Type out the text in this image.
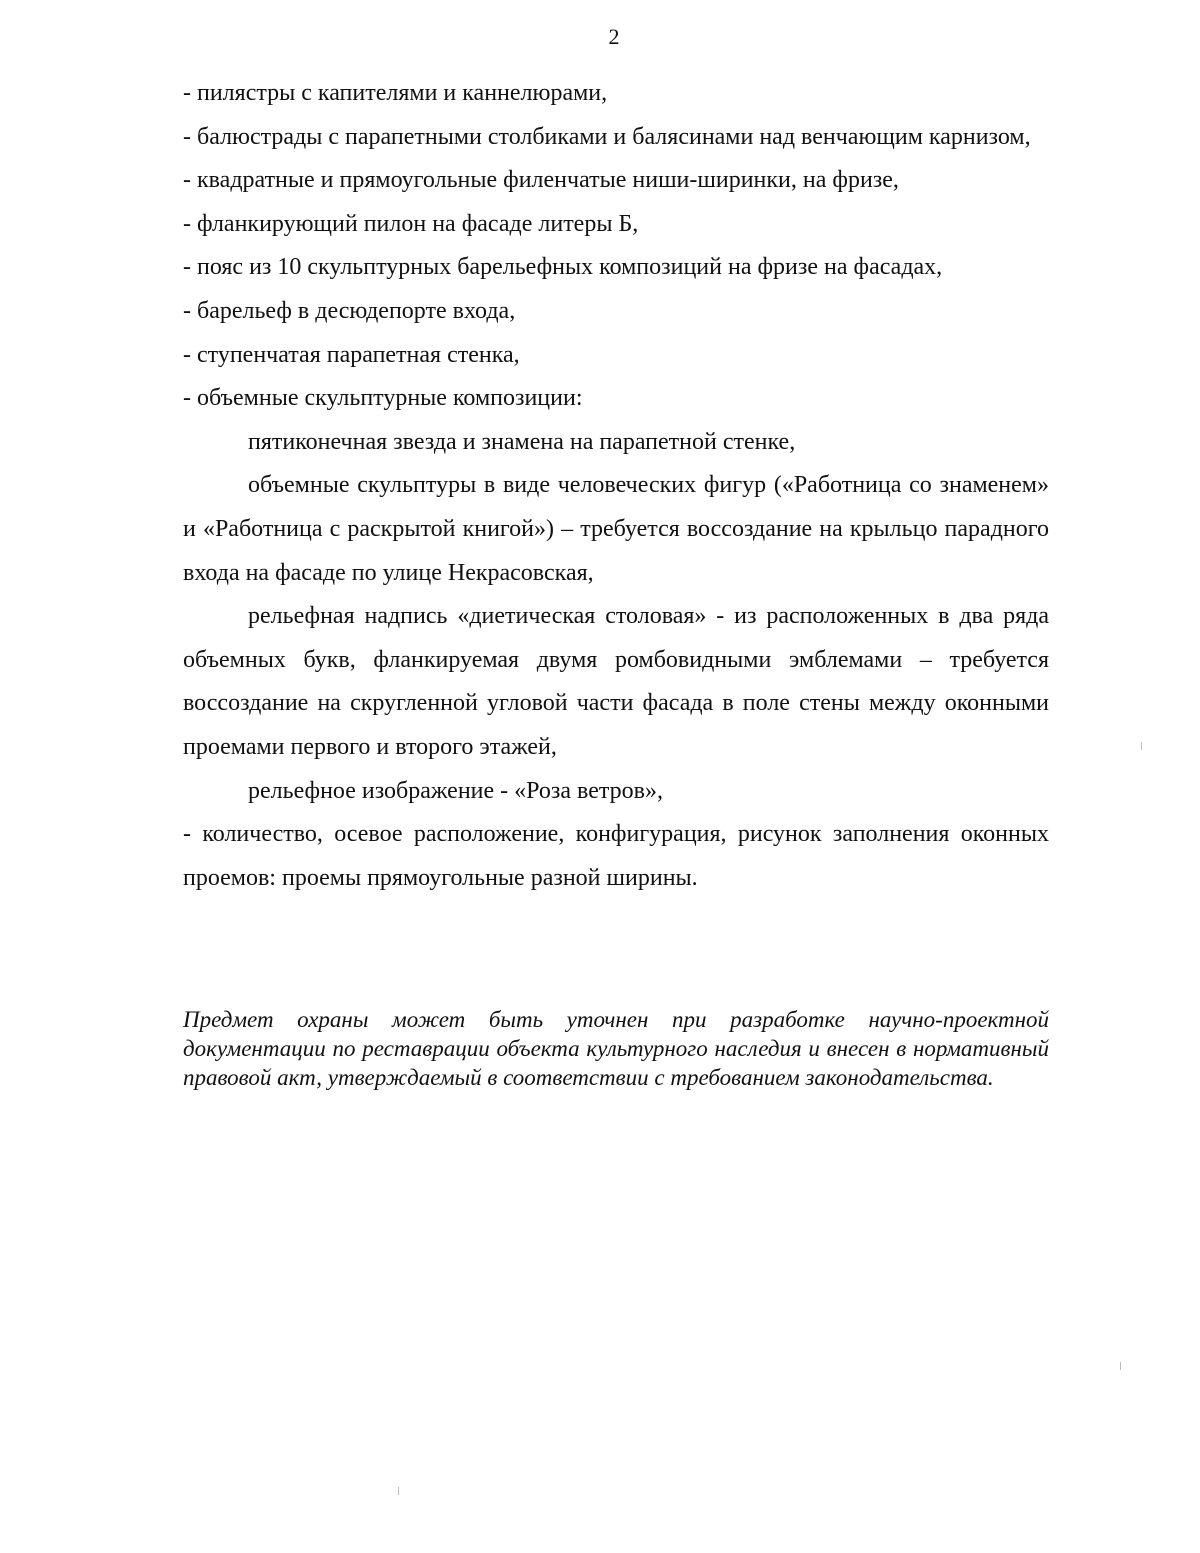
2

- пилястры с капителями и каннелюрами,

- балюстрады с парапетными столбиками и балясинами над венчающим карнизом,

- квадратные и прямоугольные филенчатые ниши-ширинки, на фризе,

- фланкирующий пилон на фасаде литеры Б,

- пояс из 10 скульптурных барельефных композиций на фризе на фасадах,

- барельеф в десюдепорте входа,

- ступенчатая парапетная стенка,

- объемные скульптурные композиции:

пятиконечная звезда и знамена на парапетной стенке,

объемные скульптуры в виде человеческих фигур («Работница со знаменем» и «Работница с раскрытой книгой») – требуется воссоздание на крыльцо парадного входа на фасаде по улице Некрасовская,

рельефная надпись «диетическая столовая» - из расположенных в два ряда объемных букв, фланкируемая двумя ромбовидными эмблемами – требуется воссоздание на скругленной угловой части фасада в поле стены между оконными проемами первого и второго этажей,

рельефное изображение - «Роза ветров»,

- количество, осевое расположение, конфигурация, рисунок заполнения оконных проемов: проемы прямоугольные разной ширины.

Предмет охраны может быть уточнен при разработке научно-проектной документации по реставрации объекта культурного наследия и внесен в нормативный правовой акт, утверждаемый в соответствии с требованием законодательства.
